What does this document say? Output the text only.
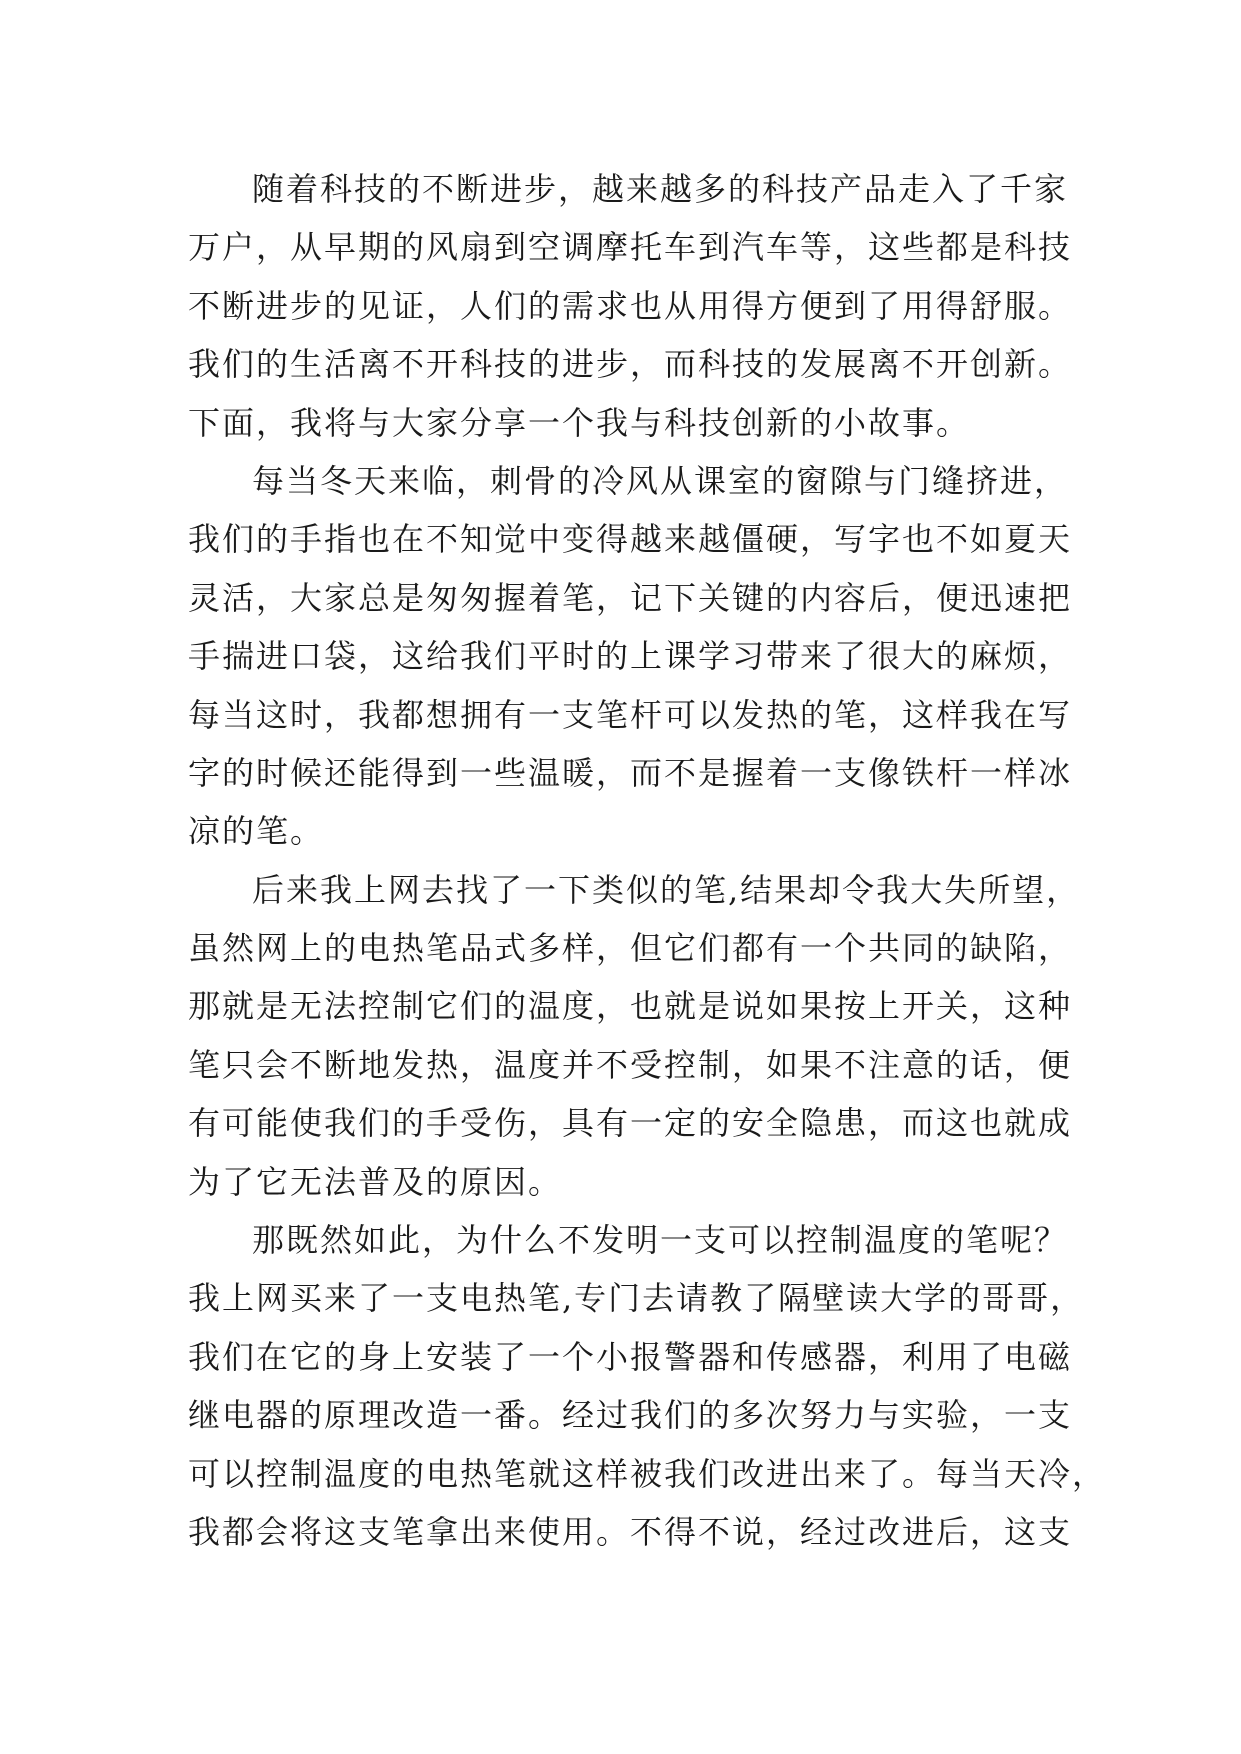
随着科技的不断进步，越来越多的科技产品走入了千家
万户，从早期的风扇到空调摩托车到汽车等，这些都是科技
不断进步的见证，人们的需求也从用得方便到了用得舒服。
我们的生活离不开科技的进步，而科技的发展离不开创新。
下面，我将与大家分享一个我与科技创新的小故事。
每当冬天来临，刺骨的冷风从课室的窗隙与门缝挤进，
我们的手指也在不知觉中变得越来越僵硬，写字也不如夏天
灵活，大家总是匆匆握着笔，记下关键的内容后，便迅速把
手揣进口袋，这给我们平时的上课学习带来了很大的麻烦，
每当这时，我都想拥有一支笔杆可以发热的笔，这样我在写
字的时候还能得到一些温暖，而不是握着一支像铁杆一样冰
凉的笔。
后来我上网去找了一下类似的笔,结果却令我大失所望，
虽然网上的电热笔品式多样，但它们都有一个共同的缺陷，
那就是无法控制它们的温度，也就是说如果按上开关，这种
笔只会不断地发热，温度并不受控制，如果不注意的话，便
有可能使我们的手受伤，具有一定的安全隐患，而这也就成
为了它无法普及的原因。
那既然如此，为什么不发明一支可以控制温度的笔呢？
我上网买来了一支电热笔,专门去请教了隔壁读大学的哥哥，
我们在它的身上安装了一个小报警器和传感器，利用了电磁
继电器的原理改造一番。经过我们的多次努力与实验，一支
可以控制温度的电热笔就这样被我们改进出来了。每当天冷，
我都会将这支笔拿出来使用。不得不说，经过改进后，这支
